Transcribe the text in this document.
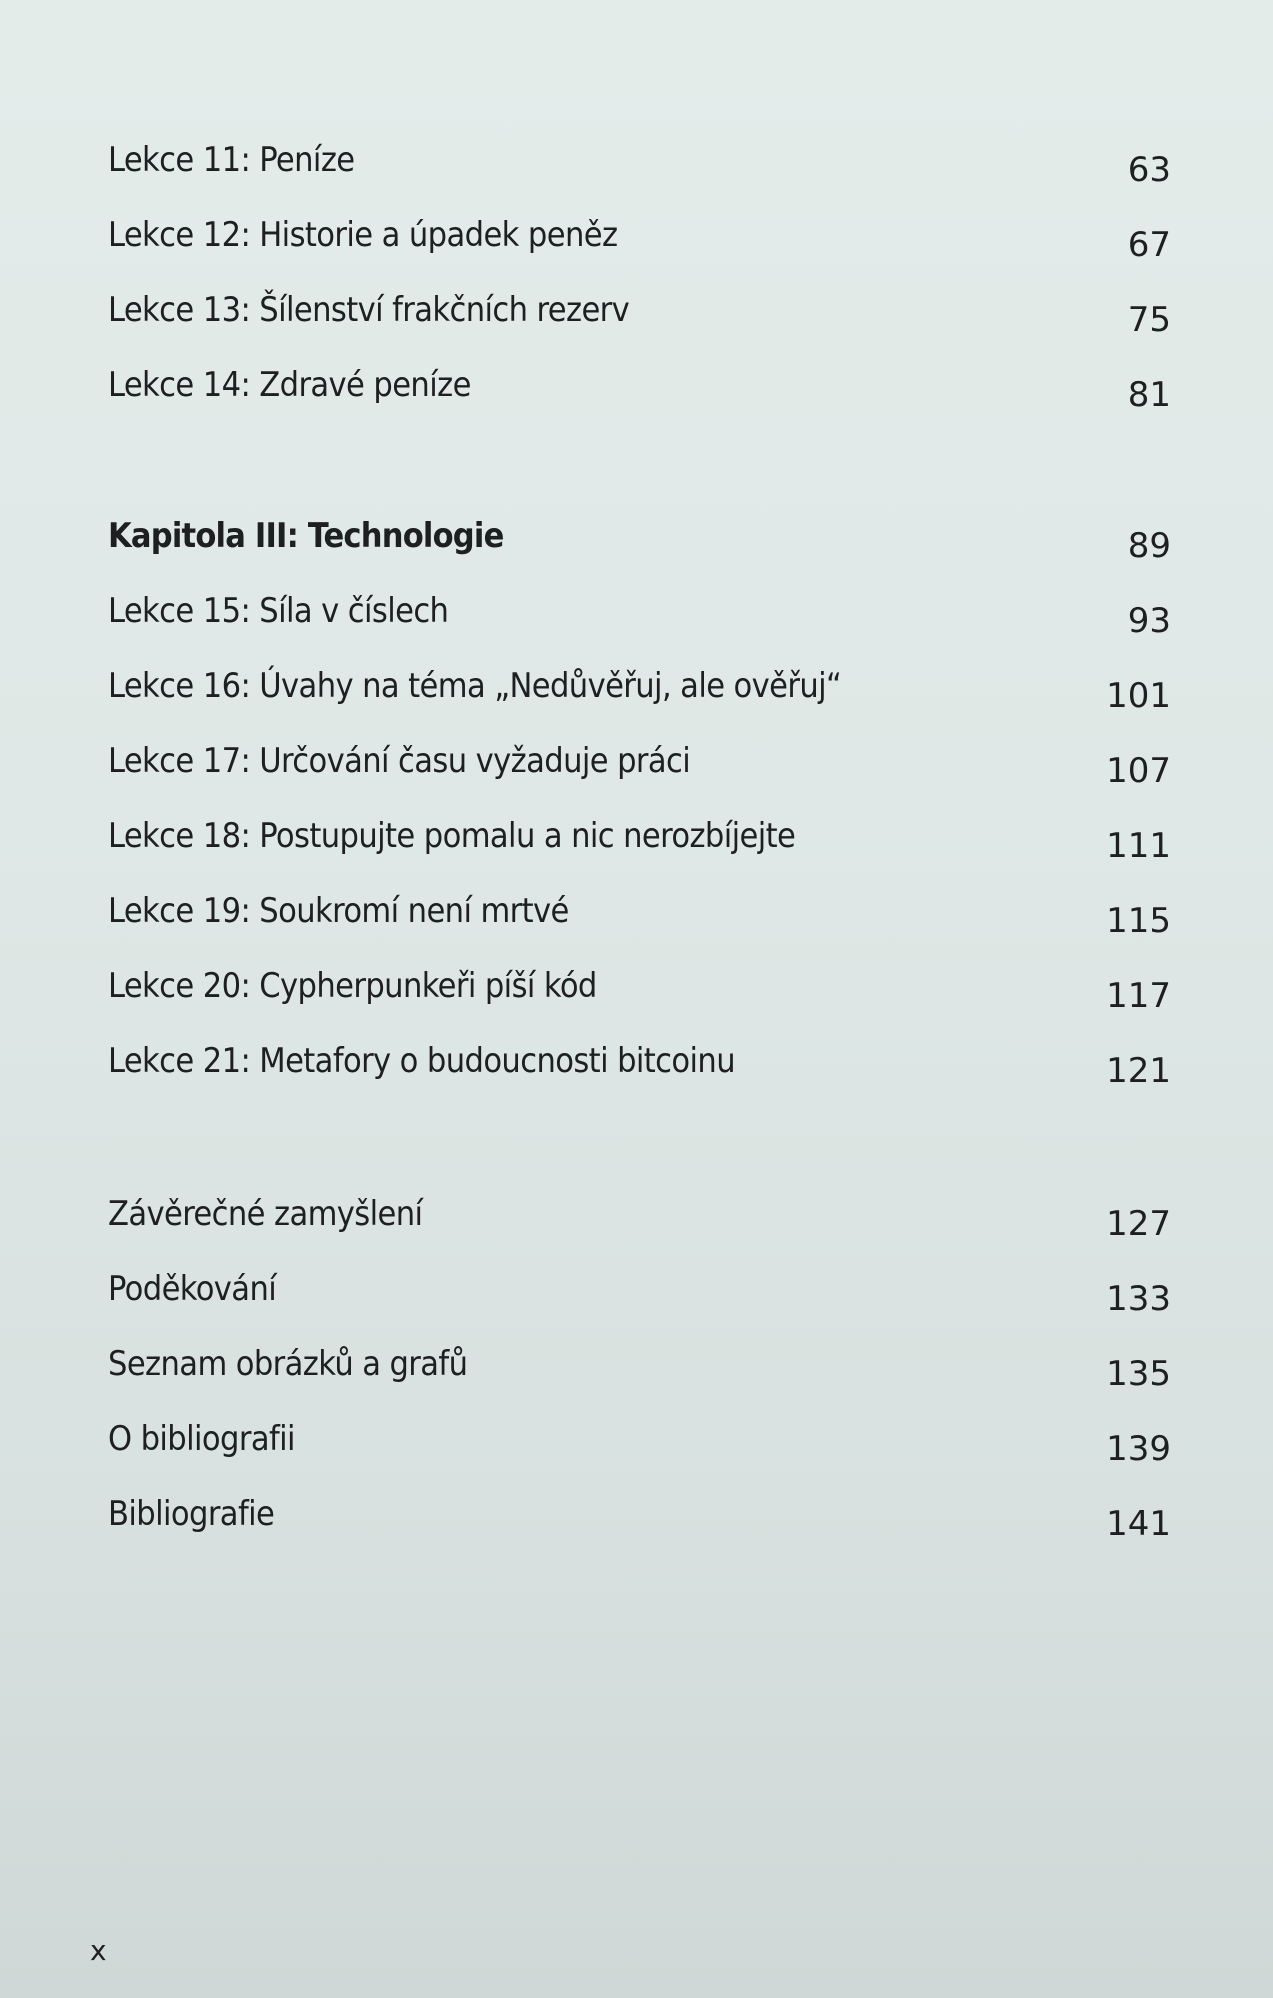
Lekce 11: Peníze	63
Lekce 12: Historie a úpadek peněz	67
Lekce 13: Šílenství frakčních rezerv	75
Lekce 14: Zdravé peníze	81
Kapitola III: Technologie	89
Lekce 15: Síla v číslech	93
Lekce 16: Úvahy na téma „Nedůvěřuj, ale ověřuj“	101
Lekce 17: Určování času vyžaduje práci	107
Lekce 18: Postupujte pomalu a nic nerozbíjejte	111
Lekce 19: Soukromí není mrtvé	115
Lekce 20: Cypherpunkeři píší kód	117
Lekce 21: Metafory o budoucnosti bitcoinu	121
Závěrečné zamyšlení	127
Poděkování	133
Seznam obrázků a grafů	135
O bibliografii	139
Bibliografie	141
x
